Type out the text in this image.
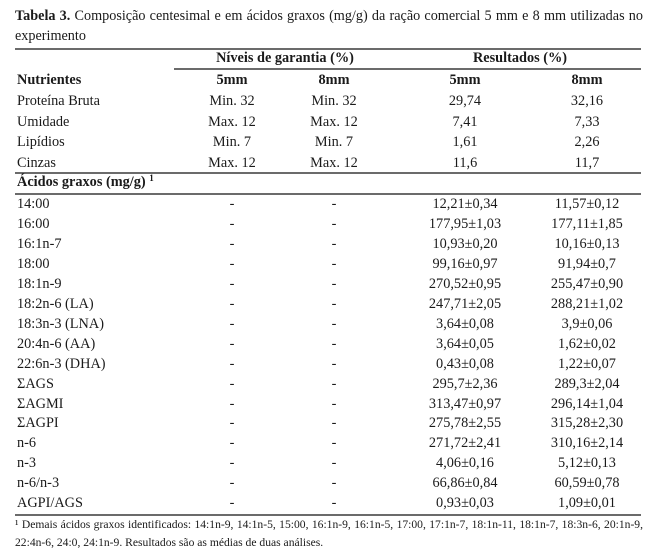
Tabela 3. Composição centesimal e em ácidos graxos (mg/g) da ração comercial 5 mm e 8 mm utilizadas no experimento
Níveis de garantia (%)	Resultados (%)
Nutrientes	5mm	8mm	5mm	8mm
Proteína Bruta	Min. 32	Min. 32	29,74	32,16
Umidade	Max. 12	Max. 12	7,41	7,33
Lipídios	Min. 7	Min. 7	1,61	2,26
Cinzas	Max. 12	Max. 12	11,6	11,7
Ácidos graxos (mg/g) $^1$
14:00	-	-	12,21±0,34	11,57±0,12
16:00	-	-	177,95±1,03	177,11±1,85
16:1n-7	-	-	10,93±0,20	10,16±0,13
18:00	-	-	99,16±0,97	91,94±0,7
18:1n-9	-	-	270,52±0,95	255,47±0,90
18:2n-6 (LA)	-	-	247,71±2,05	288,21±1,02
18:3n-3 (LNA)	-	-	3,64±0,08	3,9±0,06
20:4n-6 (AA)	-	-	3,64±0,05	1,62±0,02
22:6n-3 (DHA)	-	-	0,43±0,08	1,22±0,07
ΣAGS	-	-	295,7±2,36	289,3±2,04
ΣAGMI	-	-	313,47±0,97	296,14±1,04
ΣAGPI	-	-	275,78±2,55	315,28±2,30
n-6	-	-	271,72±2,41	310,16±2,14
n-3	-	-	4,06±0,16	5,12±0,13
n-6/n-3	-	-	66,86±0,84	60,59±0,78
AGPI/AGS	-	-	0,93±0,03	1,09±0,01
¹ Demais ácidos graxos identificados: 14:1n-9, 14:1n-5, 15:00, 16:1n-9, 16:1n-5, 17:00, 17:1n-7, 18:1n-11, 18:1n-7, 18:3n-6, 20:1n-9, 22:4n-6, 24:0, 24:1n-9. Resultados são as médias de duas análises.
